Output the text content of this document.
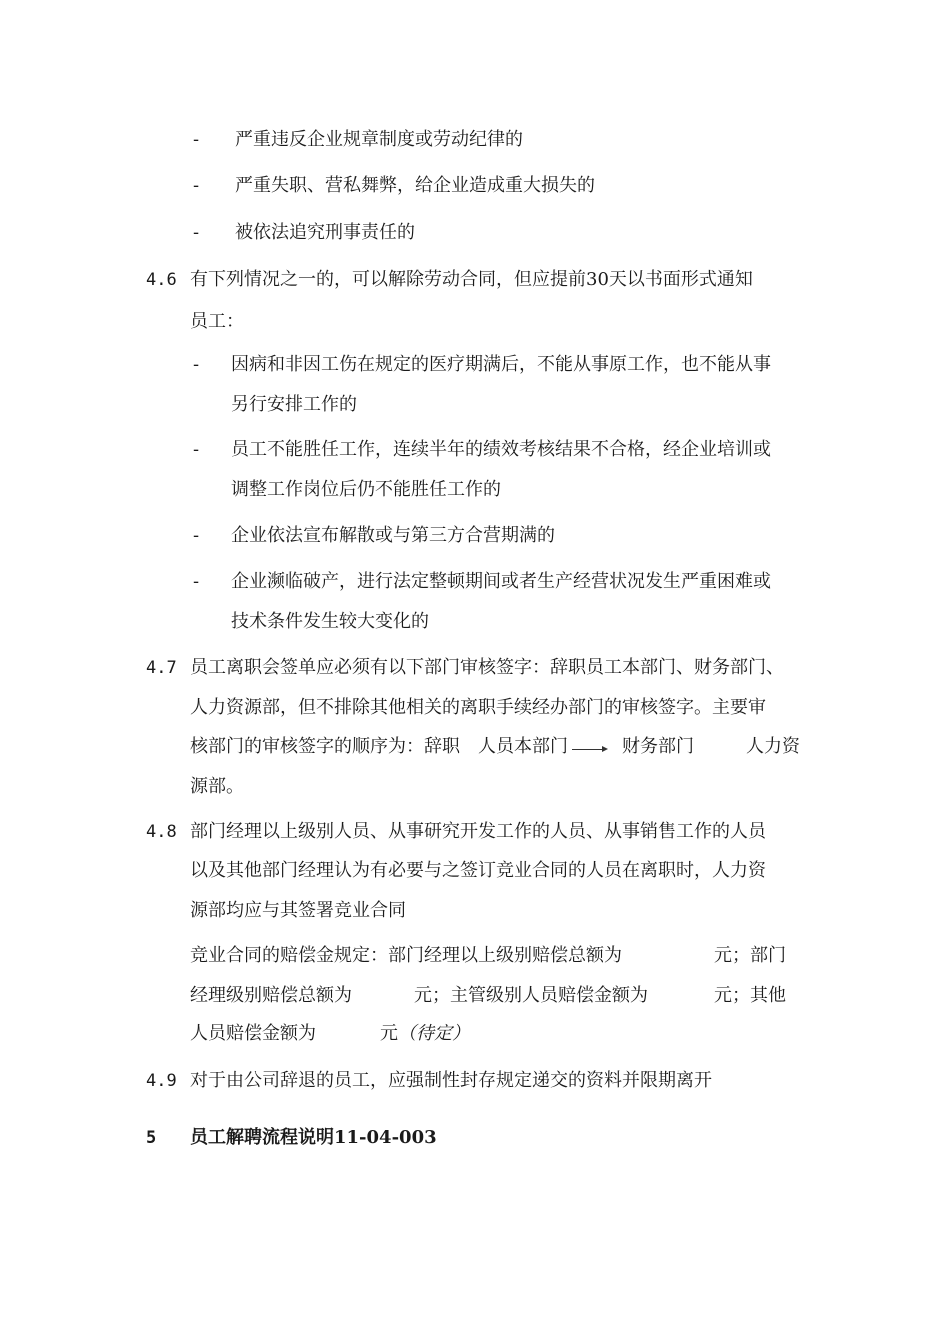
- 严重违反企业规章制度或劳动纪律的
- 严重失职、营私舞弊，给企业造成重大损失的
- 被依法追究刑事责任的
4.6 有下列情况之一的，可以解除劳动合同，但应提前30天以书面形式通知
员工：
- 因病和非因工伤在规定的医疗期满后，不能从事原工作，也不能从事
另行安排工作的
- 员工不能胜任工作，连续半年的绩效考核结果不合格，经企业培训或
调整工作岗位后仍不能胜任工作的
- 企业依法宣布解散或与第三方合营期满的
- 企业濒临破产，进行法定整顿期间或者生产经营状况发生严重困难或
技术条件发生较大变化的
4.7 员工离职会签单应必须有以下部门审核签字：辞职员工本部门、财务部门、
人力资源部，但不排除其他相关的离职手续经办部门的审核签字。主要审
核部门的审核签字的顺序为：辞职 人员本部门	财务部门	人力资
源部。
4.8 部门经理以上级别人员、从事研究开发工作的人员、从事销售工作的人员
以及其他部门经理认为有必要与之签订竞业合同的人员在离职时，人力资
源部均应与其签署竞业合同
竞业合同的赔偿金规定：部门经理以上级别赔偿总额为	元；部门
经理级别赔偿总额为	元；主管级别人员赔偿金额为	元；其他
人员赔偿金额为	元 （待定）
4.9 对于由公司辞退的员工，应强制性封存规定递交的资料并限期离开
5 员工解聘流程说明11-04-003
